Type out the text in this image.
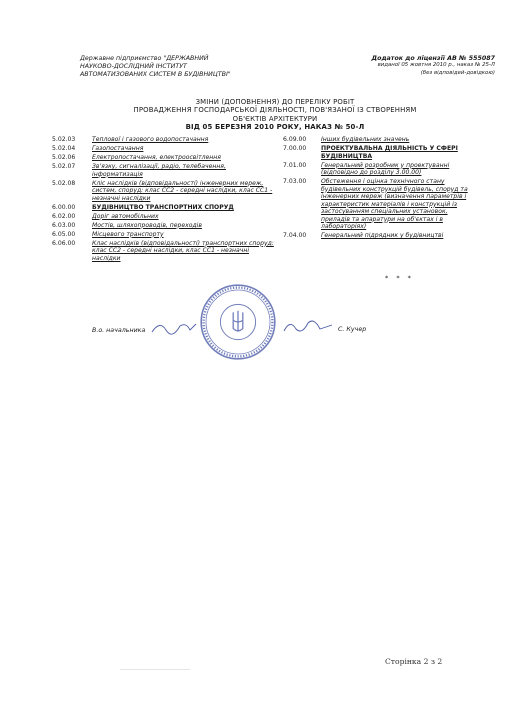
Державне підприємство "ДЕРЖАВНИЙ
НАУКОВО-ДОСЛІДНИЙ ІНСТИТУТ
АВТОМАТИЗОВАНИХ СИСТЕМ В БУДІВНИЦТВІ"
Додаток до ліцензії АВ № 555087
виданої 05 жовтня 2010 р., наказ № 25-Л
(без відповідей-довідкою)
ЗМІНИ (ДОПОВНЕННЯ) ДО ПЕРЕЛІКУ РОБІТ
ПРОВАДЖЕННЯ ГОСПОДАРСЬКОЇ ДІЯЛЬНОСТІ, ПОВ'ЯЗАНОЇ ІЗ СТВОРЕННЯМ
ОБ'ЄКТІВ АРХІТЕКТУРИ
ВІД 05 БЕРЕЗНЯ 2010 РОКУ, НАКАЗ № 50-Л
5.02.03	Теплової і газового водопостачання
5.02.04	Газопостачання
5.02.06	Електропостачання, електроосвітлення
5.02.07	Зв'язку, сигналізації, радіо, телебачення, інформатизація
5.02.08	Кліс наслідків (відповідальності) інженерних мереж, систем, споруд: клас СС2 - середні наслідки, клас СС1 - незначні наслідки
6.00.00	БУДІВНИЦТВО ТРАНСПОРТНИХ СПОРУД
6.02.00	Доріг автомобільних
6.03.00	Мостів, шляхопроводів, переходів
6.05.00	Місцевого транспорту
6.06.00	Клас наслідків (відповідальності) транспортних споруд: клас СС2 - середні наслідки, клас СС1 - незначні наслідки
6.09.00	Інших будівельних значень
7.00.00	ПРОЕКТУВАЛЬНА ДІЯЛЬНІСТЬ У СФЕРІ БУДІВНИЦТВА
7.01.00	Генеральний розробник у проектуванні (відповідно до розділу 3.00.00)
7.03.00	Обстеження і оцінка технічного стану будівельних конструкцій будівель, споруд та інженерних мереж (визначення параметрів і характеристик матеріалів і конструкцій із застосуванням спеціальних установок, приладів та апаратури на об'єктах і в лабораторіях)
7.04.00	Генеральний підрядник у будівництві
* * *
В.о. начальника	С. Кучер
Сторінка 2 з 2
